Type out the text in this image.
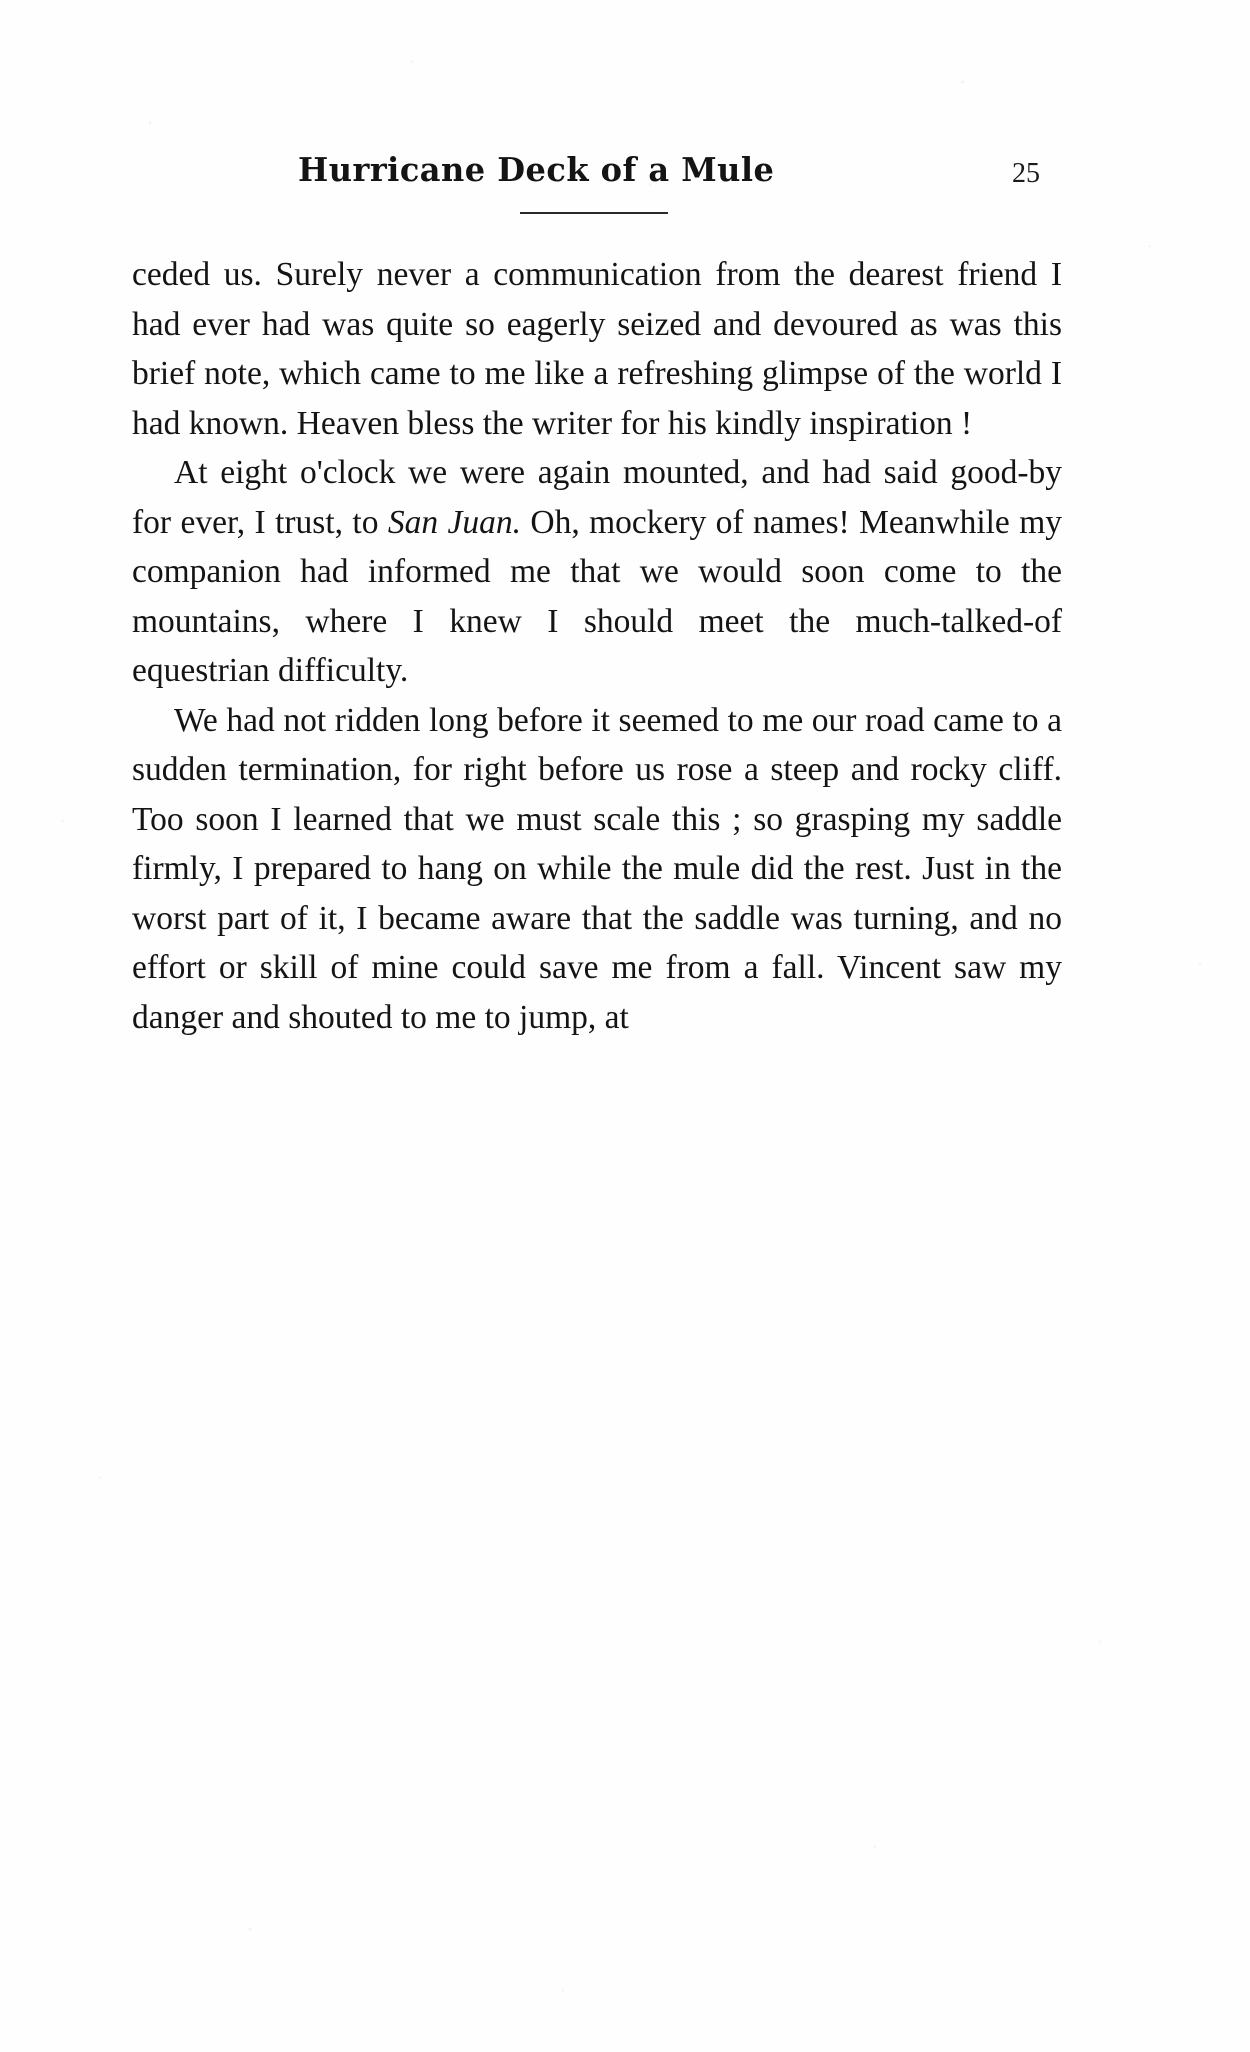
Hurricane Deck of a Mule	25

ceded us. Surely never a communication from the dearest friend I had ever had was quite so eagerly seized and devoured as was this brief note, which came to me like a refreshing glimpse of the world I had known. Heaven bless the writer for his kindly inspiration !

At eight o'clock we were again mounted, and had said good-by for ever, I trust, to San Juan. Oh, mockery of names! Meanwhile my companion had informed me that we would soon come to the mountains, where I knew I should meet the much-talked-of equestrian difficulty.

We had not ridden long before it seemed to me our road came to a sudden termination, for right before us rose a steep and rocky cliff. Too soon I learned that we must scale this ; so grasping my saddle firmly, I prepared to hang on while the mule did the rest. Just in the worst part of it, I became aware that the saddle was turning, and no effort or skill of mine could save me from a fall. Vincent saw my danger and shouted to me to jump, at
